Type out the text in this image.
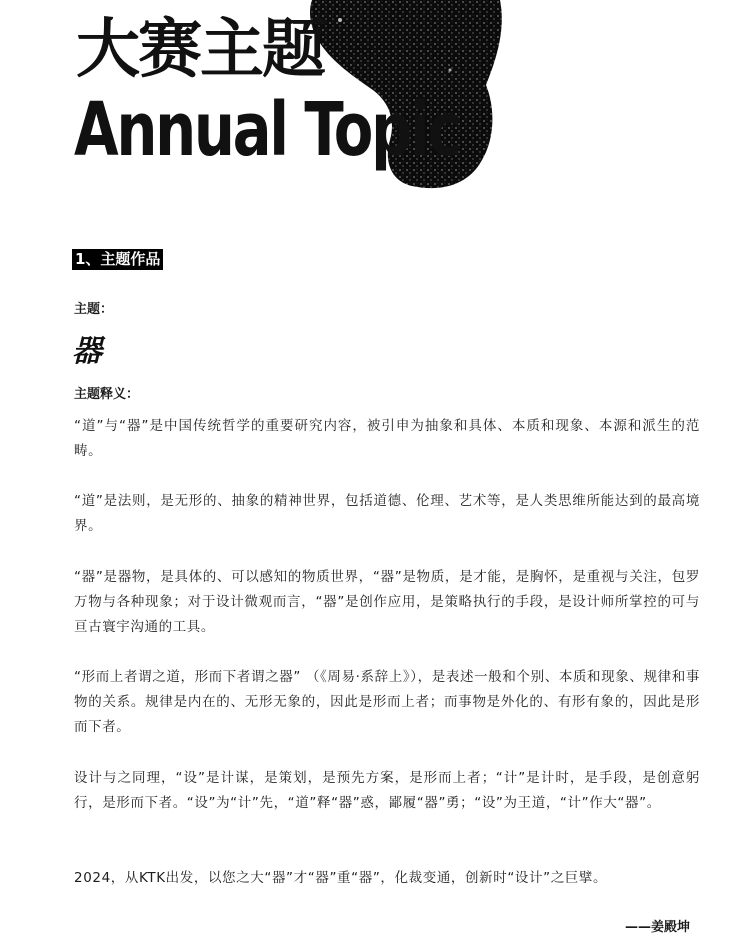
大赛主题
Annual Topic
1、主题作品
主题：
器
主题释义：

“道”与“器”是中国传统哲学的重要研究内容，被引申为抽象和具体、本质和现象、本源和派生的范畴。

“道”是法则，是无形的、抽象的精神世界，包括道德、伦理、艺术等，是人类思维所能达到的最高境界。

“器”是器物，是具体的、可以感知的物质世界，“器”是物质，是才能，是胸怀，是重视与关注，包罗万物与各种现象；对于设计微观而言，“器”是创作应用，是策略执行的手段，是设计师所掌控的可与亘古寰宇沟通的工具。

“形而上者谓之道，形而下者谓之器” （《周易·系辞上》），是表述一般和个别、本质和现象、规律和事物的关系。规律是内在的、无形无象的，因此是形而上者；而事物是外化的、有形有象的，因此是形而下者。

设计与之同理，“设”是计谋，是策划，是预先方案，是形而上者；“计”是计时，是手段，是创意躬行，是形而下者。“设”为“计”先，“道”释“器”惑，鄙履“器”勇；“设”为王道，“计”作大“器”。

2024，从KTK出发，以您之大“器”才“器”重“器”，化裁变通，创新时“设计”之巨擘。

——姜殿坤
